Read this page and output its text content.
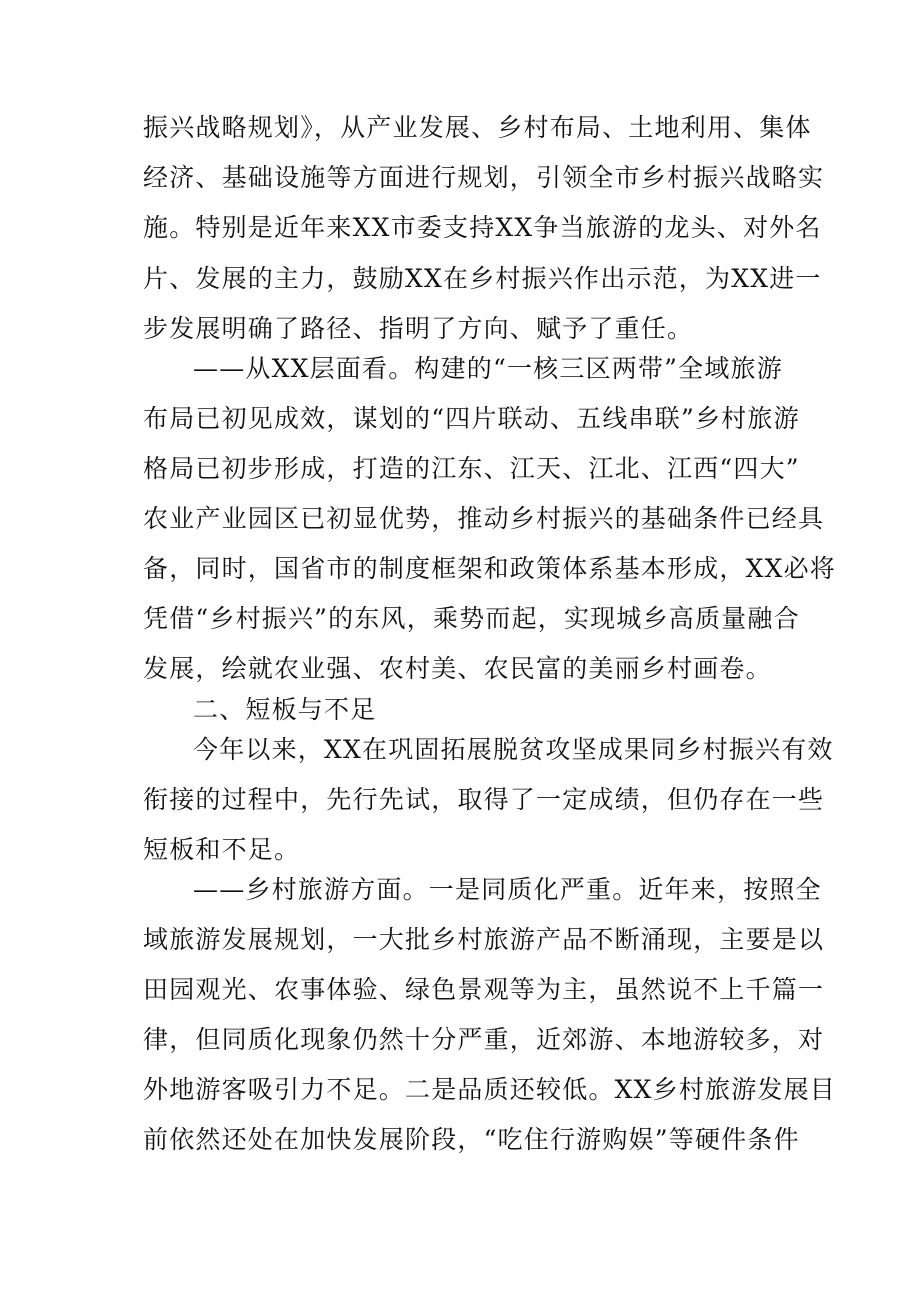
振兴战略规划》，从产业发展、乡村布局、土地利用、集体
经济、基础设施等方面进行规划，引领全市乡村振兴战略实
施。特别是近年来XX市委支持XX争当旅游的龙头、对外名
片、发展的主力，鼓励XX在乡村振兴作出示范，为XX进一
步发展明确了路径、指明了方向、赋予了重任。
——从XX层面看。构建的“一核三区两带”全域旅游
布局已初见成效，谋划的“四片联动、五线串联”乡村旅游
格局已初步形成，打造的江东、江天、江北、江西“四大”
农业产业园区已初显优势，推动乡村振兴的基础条件已经具
备，同时，国省市的制度框架和政策体系基本形成，XX必将
凭借“乡村振兴”的东风，乘势而起，实现城乡高质量融合
发展，绘就农业强、农村美、农民富的美丽乡村画卷。
二、短板与不足
今年以来，XX在巩固拓展脱贫攻坚成果同乡村振兴有效
衔接的过程中，先行先试，取得了一定成绩，但仍存在一些
短板和不足。
——乡村旅游方面。一是同质化严重。近年来，按照全
域旅游发展规划，一大批乡村旅游产品不断涌现，主要是以
田园观光、农事体验、绿色景观等为主，虽然说不上千篇一
律，但同质化现象仍然十分严重，近郊游、本地游较多，对
外地游客吸引力不足。二是品质还较低。XX乡村旅游发展目
前依然还处在加快发展阶段，“吃住行游购娱”等硬件条件
